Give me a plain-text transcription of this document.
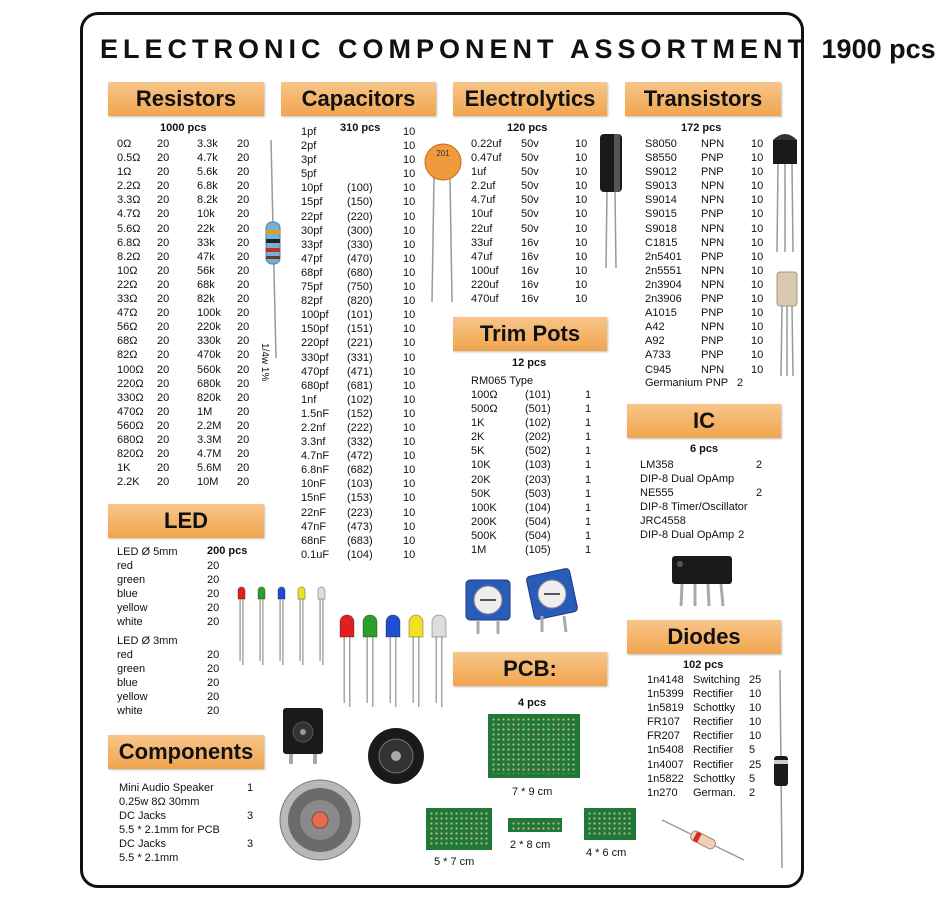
ELECTRONIC COMPONENT ASSORTMENT 1900 pcs
Resistors
1000 pcs
0Ω	20	3.3k	20
0.5Ω	20	4.7k	20
1Ω	20	5.6k	20
2.2Ω	20	6.8k	20
3.3Ω	20	8.2k	20
4.7Ω	20	10k	20
5.6Ω	20	22k	20
6.8Ω	20	33k	20
8.2Ω	20	47k	20
10Ω	20	56k	20
22Ω	20	68k	20
33Ω	20	82k	20
47Ω	20	100k	20
56Ω	20	220k	20
68Ω	20	330k	20
82Ω	20	470k	20
100Ω	20	560k	20
220Ω	20	680k	20
330Ω	20	820k	20
470Ω	20	1M	20
560Ω	20	2.2M	20
680Ω	20	3.3M	20
820Ω	20	4.7M	20
1K	20	5.6M	20
2.2K	20	10M	20
1/4w 1%
Capacitors
310 pcs
1pf	10
2pf	10
3pf	10
5pf	10
10pf	(100)	10
15pf	(150)	10
22pf	(220)	10
30pf	(300)	10
33pf	(330)	10
47pf	(470)	10
68pf	(680)	10
75pf	(750)	10
82pf	(820)	10
100pf	(101)	10
150pf	(151)	10
220pf	(221)	10
330pf	(331)	10
470pf	(471)	10
680pf	(681)	10
1nf	(102)	10
1.5nF	(152)	10
2.2nf	(222)	10
3.3nf	(332)	10
4.7nF	(472)	10
6.8nF	(682)	10
10nF	(103)	10
15nF	(153)	10
22nF	(223)	10
47nF	(473)	10
68nF	(683)	10
0.1uF	(104)	10
201
Electrolytics
120 pcs
0.22uf	50v	10
0.47uf	50v	10
1uf	50v	10
2.2uf	50v	10
4.7uf	50v	10
10uf	50v	10
22uf	50v	10
33uf	16v	10
47uf	16v	10
100uf	16v	10
220uf	16v	10
470uf	16v	10
Transistors
172 pcs
S8050	NPN	10
S8550	PNP	10
S9012	PNP	10
S9013	NPN	10
S9014	NPN	10
S9015	PNP	10
S9018	NPN	10
C1815	NPN	10
2n5401	PNP	10
2n5551	NPN	10
2n3904	NPN	10
2n3906	PNP	10
A1015	PNP	10
A42	NPN	10
A92	PNP	10
A733	PNP	10
C945	NPN	10
Germanium PNP 2
Trim Pots
12 pcs
RM065 Type
100Ω	(101)	1
500Ω	(501)	1
1K	(102)	1
2K	(202)	1
5K	(502)	1
10K	(103)	1
20K	(203)	1
50K	(503)	1
100K	(104)	1
200K	(504)	1
500K	(504)	1
1M	(105)	1
IC
6 pcs
LM358	2
DIP-8 Dual OpAmp
NE555	2
DIP-8 Timer/Oscillator
JRC4558
DIP-8 Dual OpAmp 2
LED
LED Ø 5mm	200 pcs
red	20
green	20
blue	20
yellow	20
white	20
LED Ø 3mm
red	20
green	20
blue	20
yellow	20
white	20
PCB:
4 pcs
7 * 9 cm
5 * 7 cm
2 * 8 cm
4 * 6 cm
Diodes
102 pcs
1n4148 Switching 25
1n5399 Rectifier	10
1n5819 Schottky	10
FR107	Rectifier	10
FR207	Rectifier	10
1n5408 Rectifier	5
1n4007 Rectifier	25
1n5822 Schottky	5
1n270	German.	2
Components
Mini Audio Speaker	1
0.25w 8Ω 30mm
DC Jacks	3
5.5 * 2.1mm for PCB
DC Jacks	3
5.5 * 2.1mm
